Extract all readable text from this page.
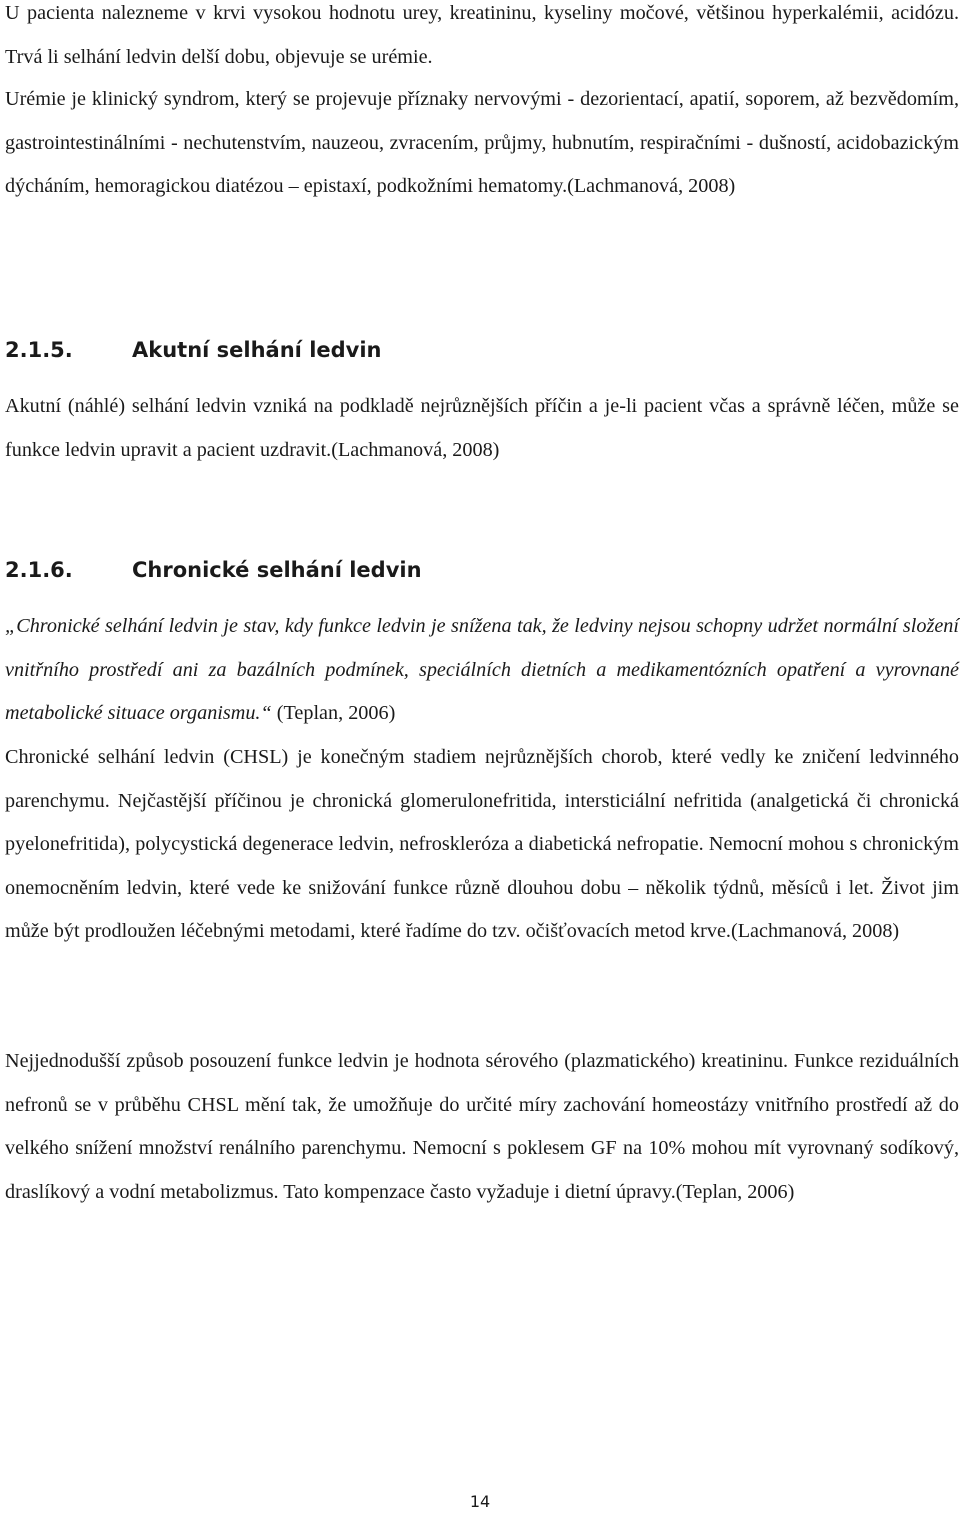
U pacienta nalezneme v krvi vysokou hodnotu urey, kreatininu, kyseliny močové, většinou hyperkalémii, acidózu. Trvá li selhání ledvin delší dobu, objevuje se urémie.

Urémie je klinický syndrom, který se projevuje příznaky nervovými - dezorientací, apatií, soporem, až bezvědomím, gastrointestinálními - nechutenstvím, nauzeou, zvracením, průjmy, hubnutím, respiračními - dušností, acidobazickým dýcháním, hemoragickou diatézou – epistaxí, podkožními hematomy.(Lachmanová, 2008)

2.1.5.	Akutní selhání ledvin

Akutní (náhlé) selhání ledvin vzniká na podkladě nejrůznějších příčin a je-li pacient včas a správně léčen, může se funkce ledvin upravit a pacient uzdravit.(Lachmanová, 2008)

2.1.6.	Chronické selhání ledvin

„Chronické selhání ledvin je stav, kdy funkce ledvin je snížena tak, že ledviny nejsou schopny udržet normální složení vnitřního prostředí ani za bazálních podmínek, speciálních dietních a medikamentózních opatření a vyrovnané metabolické situace organismu.“ (Teplan, 2006)

Chronické selhání ledvin (CHSL) je konečným stadiem nejrůznějších chorob, které vedly ke zničení ledvinného parenchymu. Nejčastější příčinou je chronická glomerulonefritida, intersticiální nefritida (analgetická či chronická pyelonefritida), polycystická degenerace ledvin, nefroskleróza a diabetická nefropatie. Nemocní mohou s chronickým onemocněním ledvin, které vede ke snižování funkce různě dlouhou dobu – několik týdnů, měsíců i let. Život jim může být prodloužen léčebnými metodami, které řadíme do tzv. očišťovacích metod krve.(Lachmanová, 2008)

Nejjednodušší způsob posouzení funkce ledvin je hodnota sérového (plazmatického) kreatininu. Funkce reziduálních nefronů se v průběhu CHSL mění tak, že umožňuje do určité míry zachování homeostázy vnitřního prostředí až do velkého snížení množství renálního parenchymu. Nemocní s poklesem GF na 10% mohou mít vyrovnaný sodíkový, draslíkový a vodní metabolizmus. Tato kompenzace často vyžaduje i dietní úpravy.(Teplan, 2006)

14
